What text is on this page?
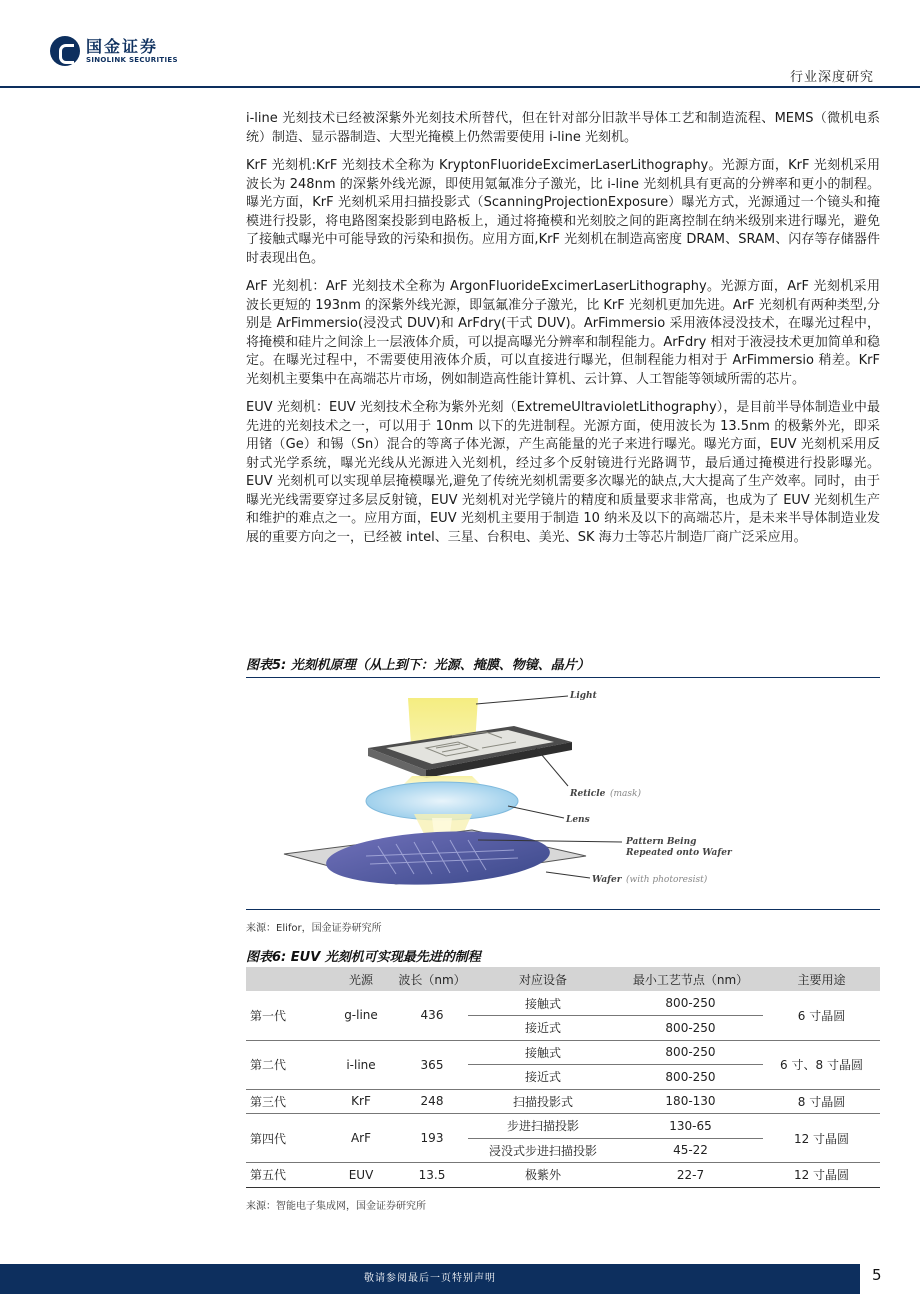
国金证券
SINOLINK SECURITIES
行业深度研究

i-line 光刻技术已经被深紫外光刻技术所替代，但在针对部分旧款半导体工艺和制造流程、MEMS（微机电系统）制造、显示器制造、大型光掩模上仍然需要使用 i-line 光刻机。

KrF 光刻机:KrF 光刻技术全称为 KryptonFluorideExcimerLaserLithography。光源方面，KrF 光刻机采用波长为 248nm 的深紫外线光源，即使用氪氟准分子激光，比 i-line 光刻机具有更高的分辨率和更小的制程。曝光方面，KrF 光刻机采用扫描投影式（ScanningProjectionExposure）曝光方式，光源通过一个镜头和掩模进行投影，将电路图案投影到电路板上，通过将掩模和光刻胶之间的距离控制在纳米级别来进行曝光，避免了接触式曝光中可能导致的污染和损伤。应用方面,KrF 光刻机在制造高密度 DRAM、SRAM、闪存等存储器件时表现出色。

ArF 光刻机：ArF 光刻技术全称为 ArgonFluorideExcimerLaserLithography。光源方面，ArF 光刻机采用波长更短的 193nm 的深紫外线光源，即氩氟准分子激光，比 KrF 光刻机更加先进。ArF 光刻机有两种类型,分别是 ArFimmersio(浸没式 DUV)和 ArFdry(干式 DUV)。ArFimmersio 采用液体浸没技术，在曝光过程中，将掩模和硅片之间涂上一层液体介质，可以提高曝光分辨率和制程能力。ArFdry 相对于液浸技术更加简单和稳定。在曝光过程中，不需要使用液体介质，可以直接进行曝光，但制程能力相对于 ArFimmersio 稍差。KrF 光刻机主要集中在高端芯片市场，例如制造高性能计算机、云计算、人工智能等领域所需的芯片。

EUV 光刻机：EUV 光刻技术全称为紫外光刻（ExtremeUltravioletLithography），是目前半导体制造业中最先进的光刻技术之一，可以用于 10nm 以下的先进制程。光源方面，使用波长为 13.5nm 的极紫外光，即采用锗（Ge）和锡（Sn）混合的等离子体光源，产生高能量的光子来进行曝光。曝光方面，EUV 光刻机采用反射式光学系统，曝光光线从光源进入光刻机，经过多个反射镜进行光路调节，最后通过掩模进行投影曝光。EUV 光刻机可以实现单层掩模曝光,避免了传统光刻机需要多次曝光的缺点,大大提高了生产效率。同时，由于曝光光线需要穿过多层反射镜，EUV 光刻机对光学镜片的精度和质量要求非常高，也成为了 EUV 光刻机生产和维护的难点之一。应用方面，EUV 光刻机主要用于制造 10 纳米及以下的高端芯片，是未来半导体制造业发展的重要方向之一，已经被 intel、三星、台积电、美光、SK 海力士等芯片制造厂商广泛采应用。

图表5: 光刻机原理（从上到下：光源、掩膜、物镜、晶片）
Light
Reticle (mask)
Lens
Pattern Being
Repeated onto Wafer
Wafer (with photoresist)
来源：Elifor，国金证券研究所
图表6: EUV 光刻机可实现最先进的制程
	光源	波长（nm）	对应设备	最小工艺节点（nm）	主要用途
第一代	g-line	436	接触式	800-250	6 寸晶圆
			接近式	800-250	
第二代	i-line	365	接触式	800-250	6 寸、8 寸晶圆
			接近式	800-250	
第三代	KrF	248	扫描投影式	180-130	8 寸晶圆
第四代	ArF	193	步进扫描投影	130-65	12 寸晶圆
			浸没式步进扫描投影	45-22	
第五代	EUV	13.5	极紫外	22-7	12 寸晶圆
来源：智能电子集成网，国金证券研究所
敬请参阅最后一页特别声明	5
